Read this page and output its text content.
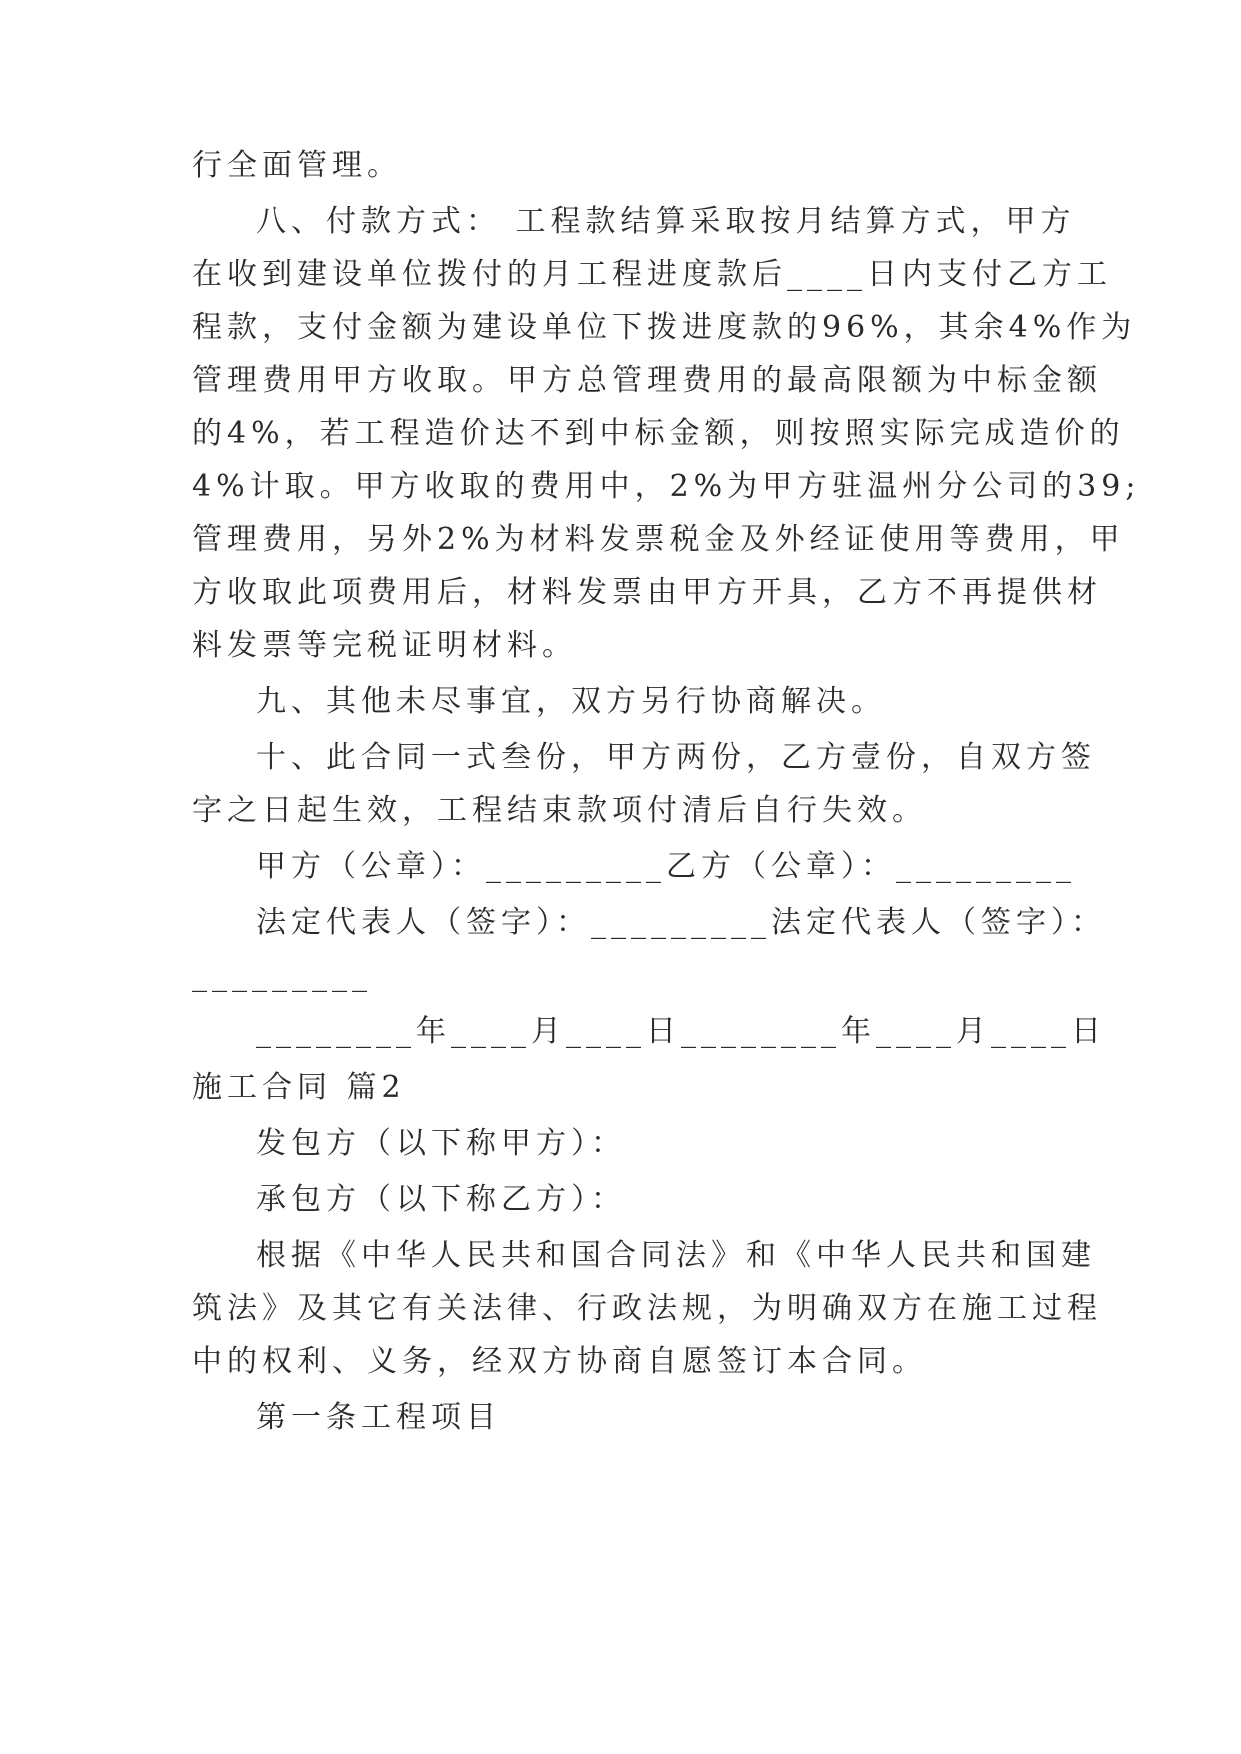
行全面管理。
八、付款方式： 工程款结算采取按月结算方式，甲方
在收到建设单位拨付的月工程进度款后____日内支付乙方工
程款，支付金额为建设单位下拨进度款的96%，其余4%作为
管理费用甲方收取。甲方总管理费用的最高限额为中标金额
的4%，若工程造价达不到中标金额，则按照实际完成造价的
4%计取。甲方收取的费用中，2%为甲方驻温州分公司的39;
管理费用，另外2%为材料发票税金及外经证使用等费用，甲
方收取此项费用后，材料发票由甲方开具，乙方不再提供材
料发票等完税证明材料。
九、其他未尽事宜，双方另行协商解决。
十、此合同一式叁份，甲方两份，乙方壹份，自双方签
字之日起生效，工程结束款项付清后自行失效。
甲方（公章）：_________乙方（公章）：_________
法定代表人（签字）：_________法定代表人（签字）：
_________
________年____月____日________年____月____日
施工合同 篇2
发包方（以下称甲方）：
承包方（以下称乙方）：
根据《中华人民共和国合同法》和《中华人民共和国建
筑法》及其它有关法律、行政法规，为明确双方在施工过程
中的权利、义务，经双方协商自愿签订本合同。
第一条工程项目
